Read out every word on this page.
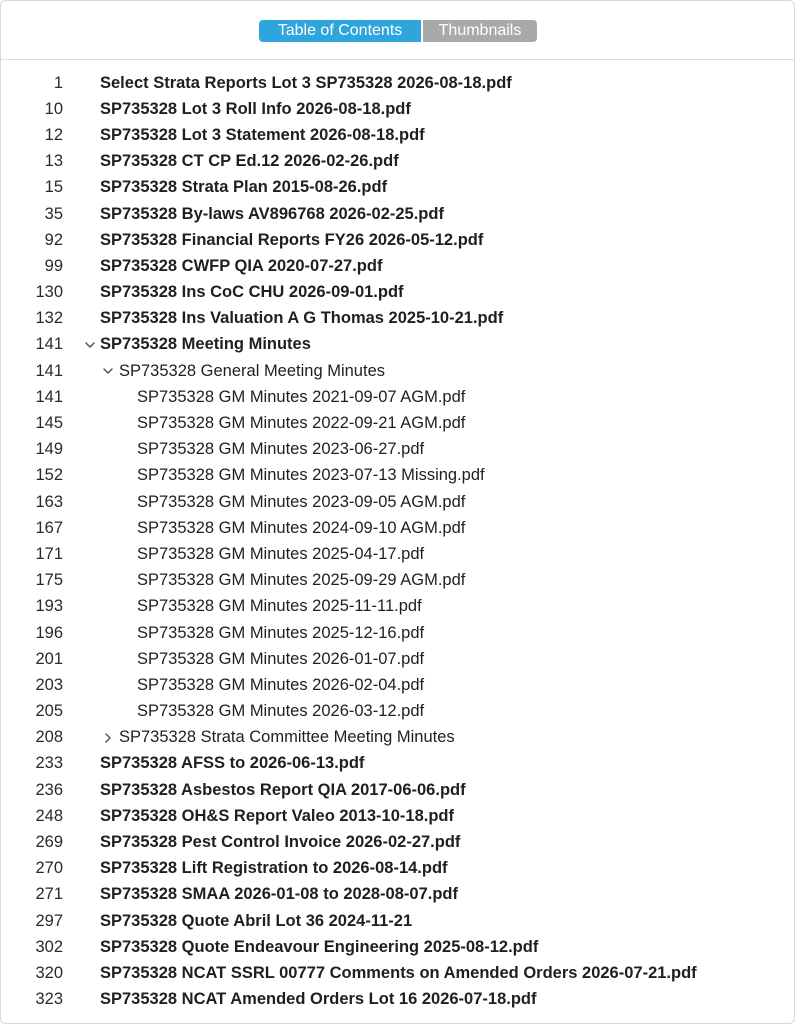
Table of Contents	Thumbnails
1 Select Strata Reports Lot 3 SP735328 2026-08-18.pdf
10 SP735328 Lot 3 Roll Info 2026-08-18.pdf
12 SP735328 Lot 3 Statement 2026-08-18.pdf
13 SP735328 CT CP Ed.12 2026-02-26.pdf
15 SP735328 Strata Plan 2015-08-26.pdf
35 SP735328 By-laws AV896768 2026-02-25.pdf
92 SP735328 Financial Reports FY26 2026-05-12.pdf
99 SP735328 CWFP QIA 2020-07-27.pdf
130 SP735328 Ins CoC CHU 2026-09-01.pdf
132 SP735328 Ins Valuation A G Thomas 2025-10-21.pdf
141 SP735328 Meeting Minutes
141	SP735328 General Meeting Minutes
141	SP735328 GM Minutes 2021-09-07 AGM.pdf
145	SP735328 GM Minutes 2022-09-21 AGM.pdf
149	SP735328 GM Minutes 2023-06-27.pdf
152	SP735328 GM Minutes 2023-07-13 Missing.pdf
163	SP735328 GM Minutes 2023-09-05 AGM.pdf
167	SP735328 GM Minutes 2024-09-10 AGM.pdf
171	SP735328 GM Minutes 2025-04-17.pdf
175	SP735328 GM Minutes 2025-09-29 AGM.pdf
193	SP735328 GM Minutes 2025-11-11.pdf
196	SP735328 GM Minutes 2025-12-16.pdf
201	SP735328 GM Minutes 2026-01-07.pdf
203	SP735328 GM Minutes 2026-02-04.pdf
205	SP735328 GM Minutes 2026-03-12.pdf
208	SP735328 Strata Committee Meeting Minutes
233 SP735328 AFSS to 2026-06-13.pdf
236 SP735328 Asbestos Report QIA 2017-06-06.pdf
248 SP735328 OH&S Report Valeo 2013-10-18.pdf
269 SP735328 Pest Control Invoice 2026-02-27.pdf
270 SP735328 Lift Registration to 2026-08-14.pdf
271 SP735328 SMAA 2026-01-08 to 2028-08-07.pdf
297 SP735328 Quote Abril Lot 36 2024-11-21
302 SP735328 Quote Endeavour Engineering 2025-08-12.pdf
320 SP735328 NCAT SSRL 00777 Comments on Amended Orders 2026-07-21.pdf
323 SP735328 NCAT Amended Orders Lot 16 2026-07-18.pdf
